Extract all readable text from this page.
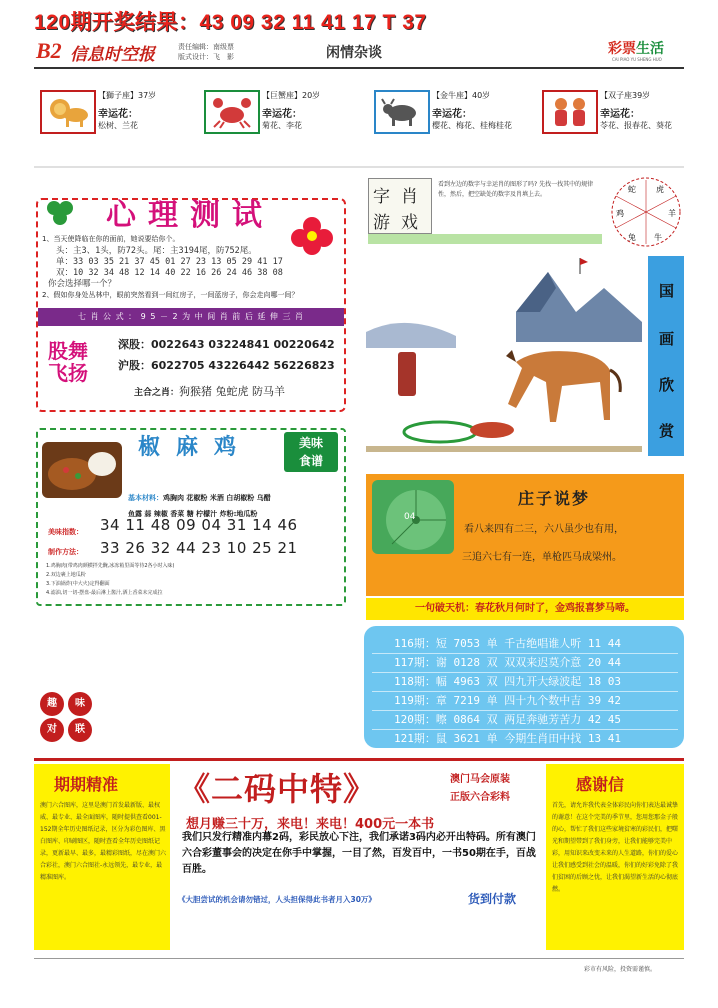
120期开奖结果：43 09 32 11 41 17 T 37
B2 信息时空报	责任编辑：南级票
版式设计：飞　影	闲情杂谈	彩票生活
CAI PIAO YU SHENG HUO
【獅子座】37岁
幸运花：
松树、兰花
【巨蟹座】20岁
幸运花：
菊花、李花
【金牛座】40岁
幸运花：
樱花、梅花、桂梅桂花
【双子座39岁
幸运花：
苓花、报春花、葵花
心理测试
1、当天使降临在你的面前，她说要给你个。
头：主3、1头，防72头。尾：主3194尾，防752尾。
单：33 03 35 21 37 45 01 27 23 13 05 29 41 17
双：10 32 34 48 12 14 40 22 16 26 24 46 38 08
你会选择哪一个？
2、假如你身处丛林中，眼前突然看到一间红房子，一间蓝房子，你会走向哪一间？
七 肖 公 式 ： 9 5 － 2 为 中 间 肖 前 后 延 伸 三 肖
股舞飞扬
深股：0022643 03224841 00220642
沪股：6022705 43226442 56226823
主合之肖：狗猴猪 兔蛇虎 防马羊
椒麻鸡	美味
食谱
基本材料：鸡胸肉 花椒粉 米酒 白胡椒粉 乌醋
鱼露 蒜 辣椒 香菜 糖 柠檬汁 炸粉:地瓜粉
美味指数：
制作方法：
34 11 48 09 04 31 14 46
33 26 32 44 23 10 25 21
1.鸡胸肉(带鸡肉颜横拌先醃,冰冻箱里面等待2各小时入味)
2.双边裹上地瓜粉
3.下油锅炸(中大火)定得翻面
4.滤油,切一切-摆盘-最后淋上酱汁,洒上香菜末完成拉
趣	味
对	联
字 肖
游 戏
看到左边的数字与幸运肖的图形了吗? 先找一找其中的规律性，然后，把空缺处的数字及肖填上去。
蛇	虎
羊
牛
兔
鸡
国
画
欣
赏
04
庄子说梦
看八来四有二三，六八虽少也有用，
三追六七有一连，单枪匹马成梁州。
一句破天机：春花秋月何时了，金鸡报喜梦马啼。
116期：短 7053 单 千古绝唱谁人听 11 44
117期：谢 0128 双 双双来迟莫介意 20 44
118期：幅 4963 双 四九开大绿波起 18 03
119期：章 7219 单 四十九个数中吉 39 42
120期：嚓 0864 双 两足奔驰芳苦力 42 45
121期：鼠 3621 单 今期生肖田中找 13 41
期期精准
澳门六合图库，这里是澳门首发最新版、最权威、最专业、最全面图库，随时提供查看001-152期全年历史图纸记录，区分为彩色图库、黑白图库、印刷图区，随时查看全年历史图纸记录，更新最早、最多，最精彩图纸，尽在澳门六合彩社，澳门六合图社-永远领先，最专业，最精准图库。
感谢信
首先，请允许我代表全体彩民向你们表达最诚挚的谢意！在这个完美的季节里，您用您那金子般的心，帮忙了我们这些家境贫寒的彩民们，把曙光和期望带到了我们身旁，让我们能够完美中彩，用知识来改变未来的人生道路，你们的爱心让我们感受到社会的温暖，你们的好彩免除了我们贫困的后顾之忧，让我们渴望新生活的心彻底燃。
《二码中特》	澳门马会原装
正版六合彩料
想月赚三十万，来电！来电！400元一本书
我们只发行精准内幕2码，彩民放心下注，我们承诺3码内必开出特码。所有澳门六合彩董事会的决定在你手中掌握，一目了然，百发百中，一书50期在手，百战百胜。
《大胆尝试的机会请勿错过，人头担保得此书者月入30万》	货到付款
彩市有风险，投资需谨慎。
